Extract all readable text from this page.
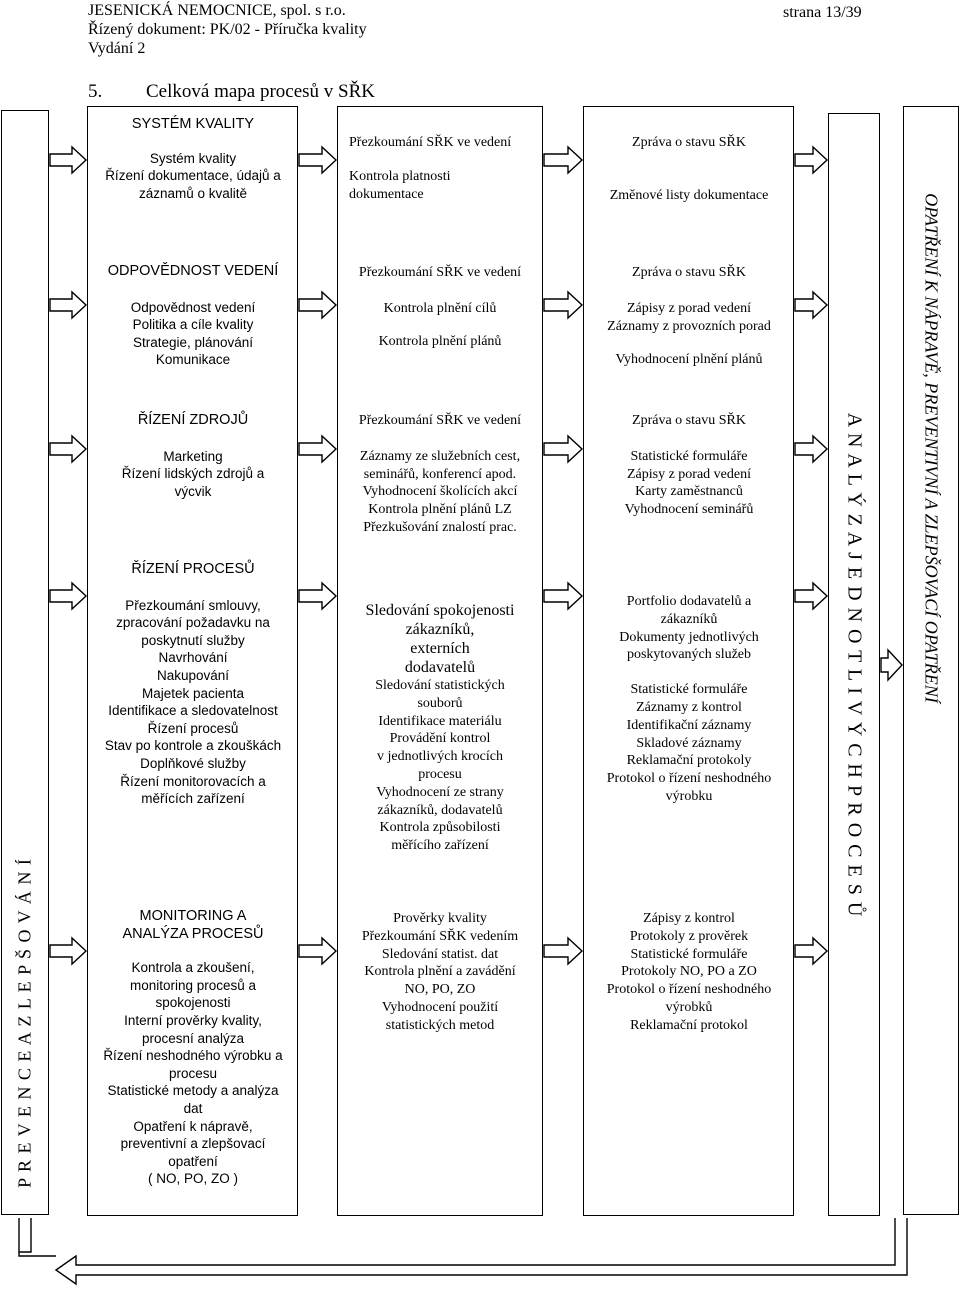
JESENICKÁ NEMOCNICE, spol. s r.o.
Řízený dokument: PK/02 - Příručka kvality
Vydání 2
strana 13/39
5. Celková mapa procesů v SŘK
P R E V E N C E A Z L E P Š O V Á N Í
A N A L Ý Z A J E D N O T L I V Ý C H P R O C E S Ů	OPATŘENÍ K NÁPRAVĚ, PREVENTIVNÍ A ZLEPŠOVACÍ OPATŘENÍ

SYSTÉM KVALITY

Systém kvality
Řízení dokumentace, údajů a
záznamů o kvalitě

ODPOVĚDNOST VEDENÍ

Odpovědnost vedení
Politika a cíle kvality
Strategie, plánování
Komunikace

ŘÍZENÍ ZDROJŮ

Marketing
Řízení lidských zdrojů a
výcvik

ŘÍZENÍ PROCESŮ

Přezkoumání smlouvy,
zpracování požadavku na
poskytnutí služby
Navrhování
Nakupování
Majetek pacienta
Identifikace a sledovatelnost
Řízení procesů
Stav po kontrole a zkouškách
Doplňkové služby
Řízení monitorovacích a
měřících zařízení

MONITORING A
ANALÝZA PROCESŮ

Kontrola a zkoušení,
monitoring procesů a
spokojenosti
Interní prověrky kvality,
procesní analýza
Řízení neshodného výrobku a
procesu
Statistické metody a analýza
dat
Opatření k nápravě,
preventivní a zlepšovací
opatření
( NO, PO, ZO )

Přezkoumání SŘK ve vedení

Kontrola platnosti
dokumentace

Přezkoumání SŘK ve vedení

Kontrola plnění cílů

Kontrola plnění plánů

Přezkoumání SŘK ve vedení

Záznamy ze služebních cest,
seminářů, konferencí apod.
Vyhodnocení školících akcí
Kontrola plnění plánů LZ
Přezkušování znalostí prac.

Sledování spokojenosti
zákazníků,
externích
dodavatelů

Sledování statistických
souborů
Identifikace materiálu
Provádění kontrol
v jednotlivých krocích
procesu
Vyhodnocení ze strany
zákazníků, dodavatelů
Kontrola způsobilosti
měřícího zařízení

Prověrky kvality
Přezkoumání SŘK vedením
Sledování statist. dat
Kontrola plnění a zavádění
NO, PO, ZO
Vyhodnocení použití
statistických metod

Zpráva o stavu SŘK

Změnové listy dokumentace

Zpráva o stavu SŘK

Zápisy z porad vedení
Záznamy z provozních porad

Vyhodnocení plnění plánů

Zpráva o stavu SŘK

Statistické formuláře
Zápisy z porad vedení
Karty zaměstnanců
Vyhodnocení seminářů

Portfolio dodavatelů a
zákazníků
Dokumenty jednotlivých
poskytovaných služeb

Statistické formuláře
Záznamy z kontrol
Identifikační záznamy
Skladové záznamy
Reklamační protokoly
Protokol o řízení neshodného
výrobku

Zápisy z kontrol
Protokoly z prověrek
Statistické formuláře
Protokoly NO, PO a ZO
Protokol o řízení neshodného
výrobků
Reklamační protokol
